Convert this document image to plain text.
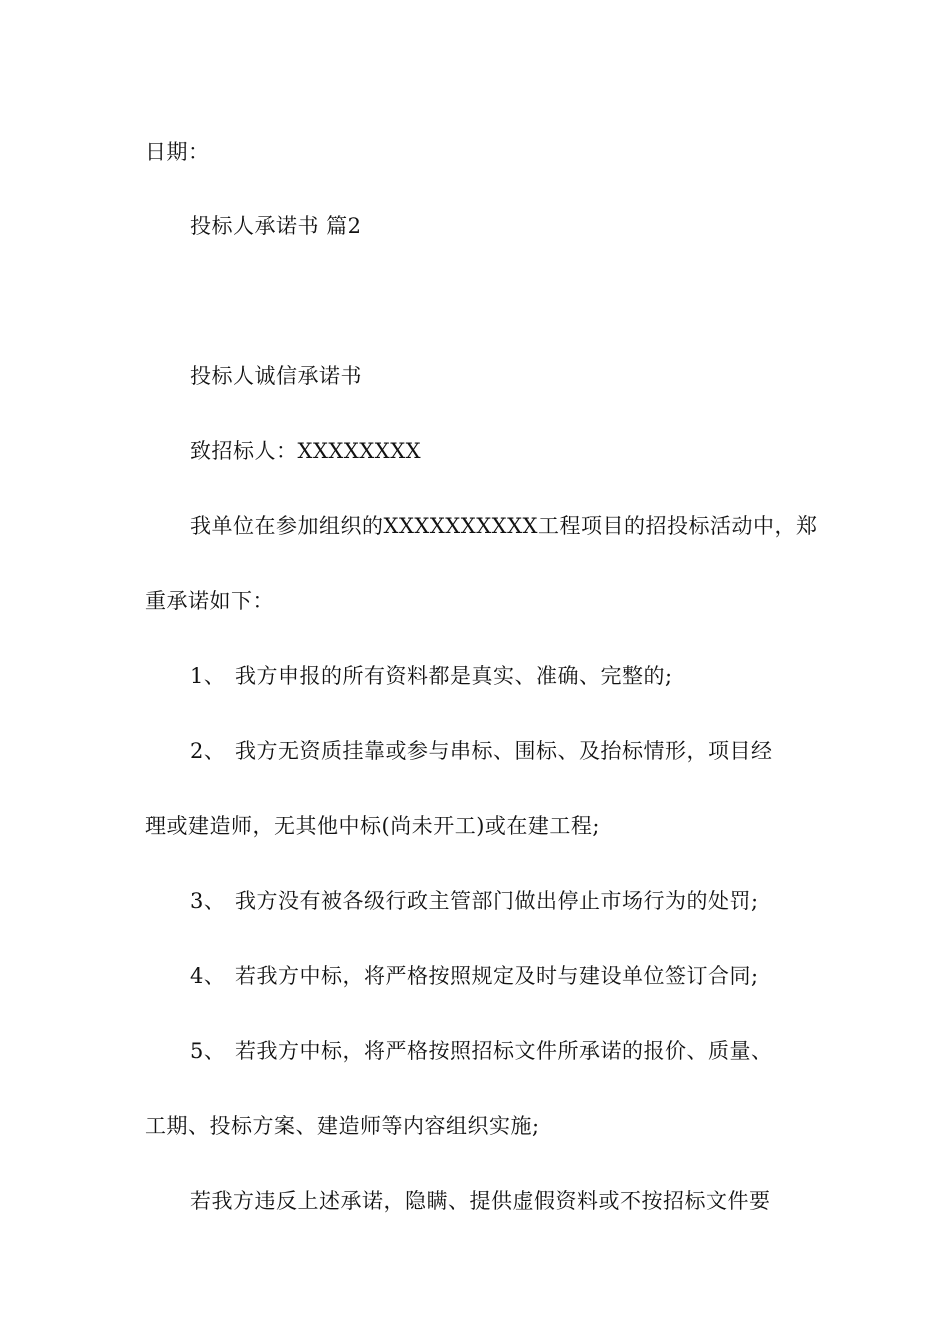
日期：
投标人承诺书 篇2
投标人诚信承诺书
致招标人：XXXXXXXX
我单位在参加组织的XXXXXXXXXX工程项目的招投标活动中，郑
重承诺如下：
1、 我方申报的所有资料都是真实、准确、完整的;
2、 我方无资质挂靠或参与串标、围标、及抬标情形，项目经
理或建造师，无其他中标(尚未开工)或在建工程;
3、 我方没有被各级行政主管部门做出停止市场行为的处罚;
4、 若我方中标，将严格按照规定及时与建设单位签订合同;
5、 若我方中标，将严格按照招标文件所承诺的报价、质量、
工期、投标方案、建造师等内容组织实施;
若我方违反上述承诺，隐瞒、提供虚假资料或不按招标文件要
